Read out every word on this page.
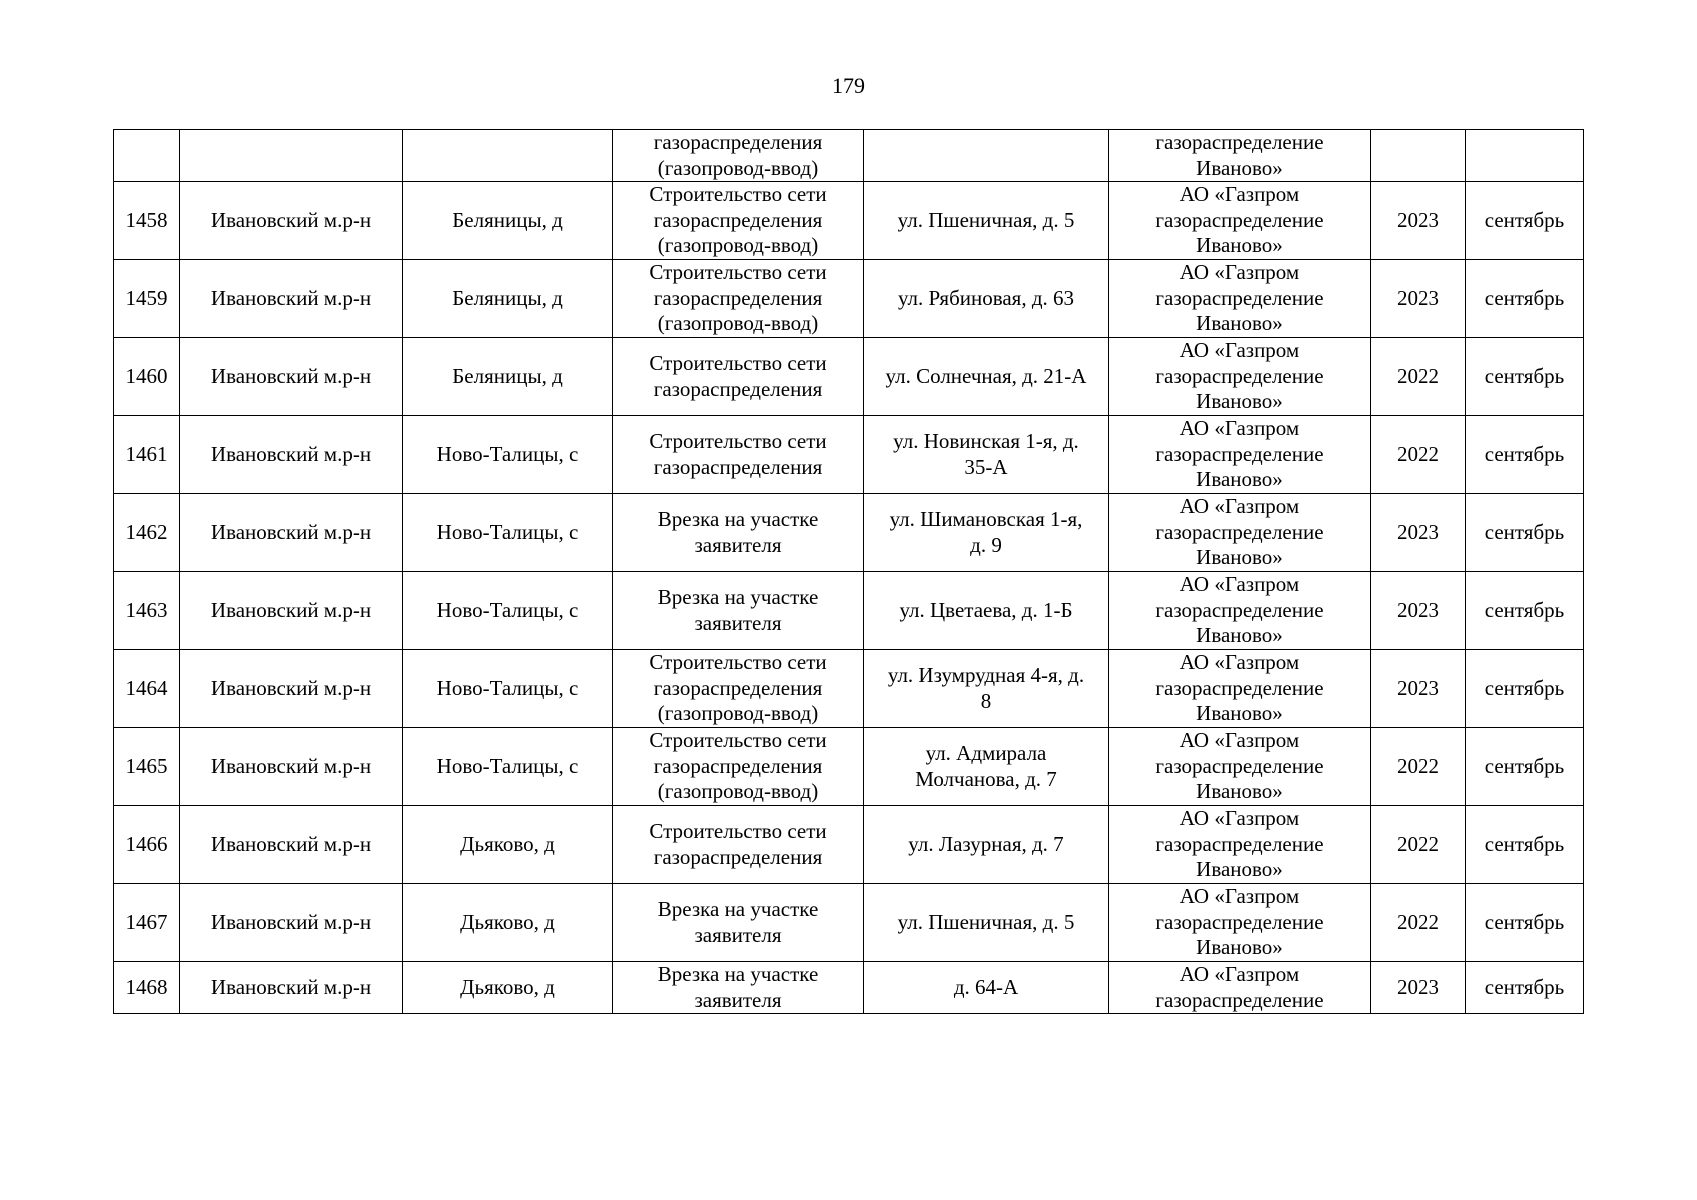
179

			газораспределения
(газопровод-ввод)		газораспределение
Иваново»		

1458	Ивановский м.р-н	Беляницы, д	Строительство сети
газораспределения
(газопровод-ввод)	ул. Пшеничная, д. 5	АО «Газпром
газораспределение
Иваново»	2023	сентябрь
1459	Ивановский м.р-н	Беляницы, д	Строительство сети
газораспределения
(газопровод-ввод)	ул. Рябиновая, д. 63	АО «Газпром
газораспределение
Иваново»	2023	сентябрь
1460	Ивановский м.р-н	Беляницы, д	Строительство сети
газораспределения	ул. Солнечная, д. 21-А	АО «Газпром
газораспределение
Иваново»	2022	сентябрь
1461	Ивановский м.р-н	Ново-Талицы, с	Строительство сети
газораспределения	ул. Новинская 1-я, д.
35-А	АО «Газпром
газораспределение
Иваново»	2022	сентябрь
1462	Ивановский м.р-н	Ново-Талицы, с	Врезка на участке
заявителя	ул. Шимановская 1-я,
д. 9	АО «Газпром
газораспределение
Иваново»	2023	сентябрь
1463	Ивановский м.р-н	Ново-Талицы, с	Врезка на участке
заявителя	ул. Цветаева, д. 1-Б	АО «Газпром
газораспределение
Иваново»	2023	сентябрь
1464	Ивановский м.р-н	Ново-Талицы, с	Строительство сети
газораспределения
(газопровод-ввод)	ул. Изумрудная 4-я, д.
8	АО «Газпром
газораспределение
Иваново»	2023	сентябрь
1465	Ивановский м.р-н	Ново-Талицы, с	Строительство сети
газораспределения
(газопровод-ввод)	ул. Адмирала
Молчанова, д. 7	АО «Газпром
газораспределение
Иваново»	2022	сентябрь
1466	Ивановский м.р-н	Дьяково, д	Строительство сети
газораспределения	ул. Лазурная, д. 7	АО «Газпром
газораспределение
Иваново»	2022	сентябрь
1467	Ивановский м.р-н	Дьяково, д	Врезка на участке
заявителя	ул. Пшеничная, д. 5	АО «Газпром
газораспределение
Иваново»	2022	сентябрь
1468	Ивановский м.р-н	Дьяково, д	Врезка на участке
заявителя	д. 64-А	АО «Газпром
газораспределение	2023	сентябрь
